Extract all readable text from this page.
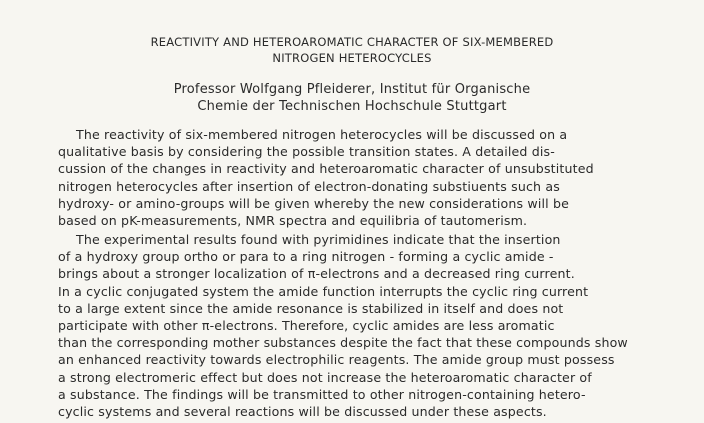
REACTIVITY AND HETEROAROMATIC CHARACTER OF SIX-MEMBERED
NITROGEN HETEROCYCLES
Professor Wolfgang Pfleiderer, Institut für Organische
Chemie der Technischen Hochschule Stuttgart
The reactivity of six-membered nitrogen heterocycles will be discussed on a
qualitative basis by considering the possible transition states. A detailed dis-
cussion of the changes in reactivity and heteroaromatic character of unsubstituted
nitrogen heterocycles after insertion of electron-donating substiuents such as
hydroxy- or amino-groups will be given whereby the new considerations will be
based on pK-measurements, NMR spectra and equilibria of tautomerism.
The experimental results found with pyrimidines indicate that the insertion
of a hydroxy group ortho or para to a ring nitrogen - forming a cyclic amide -
brings about a stronger localization of π-electrons and a decreased ring current.
In a cyclic conjugated system the amide function interrupts the cyclic ring current
to a large extent since the amide resonance is stabilized in itself and does not
participate with other π-electrons. Therefore, cyclic amides are less aromatic
than the corresponding mother substances despite the fact that these compounds show
an enhanced reactivity towards electrophilic reagents. The amide group must possess
a strong electromeric effect but does not increase the heteroaromatic character of
a substance. The findings will be transmitted to other nitrogen-containing hetero-
cyclic systems and several reactions will be discussed under these aspects.
